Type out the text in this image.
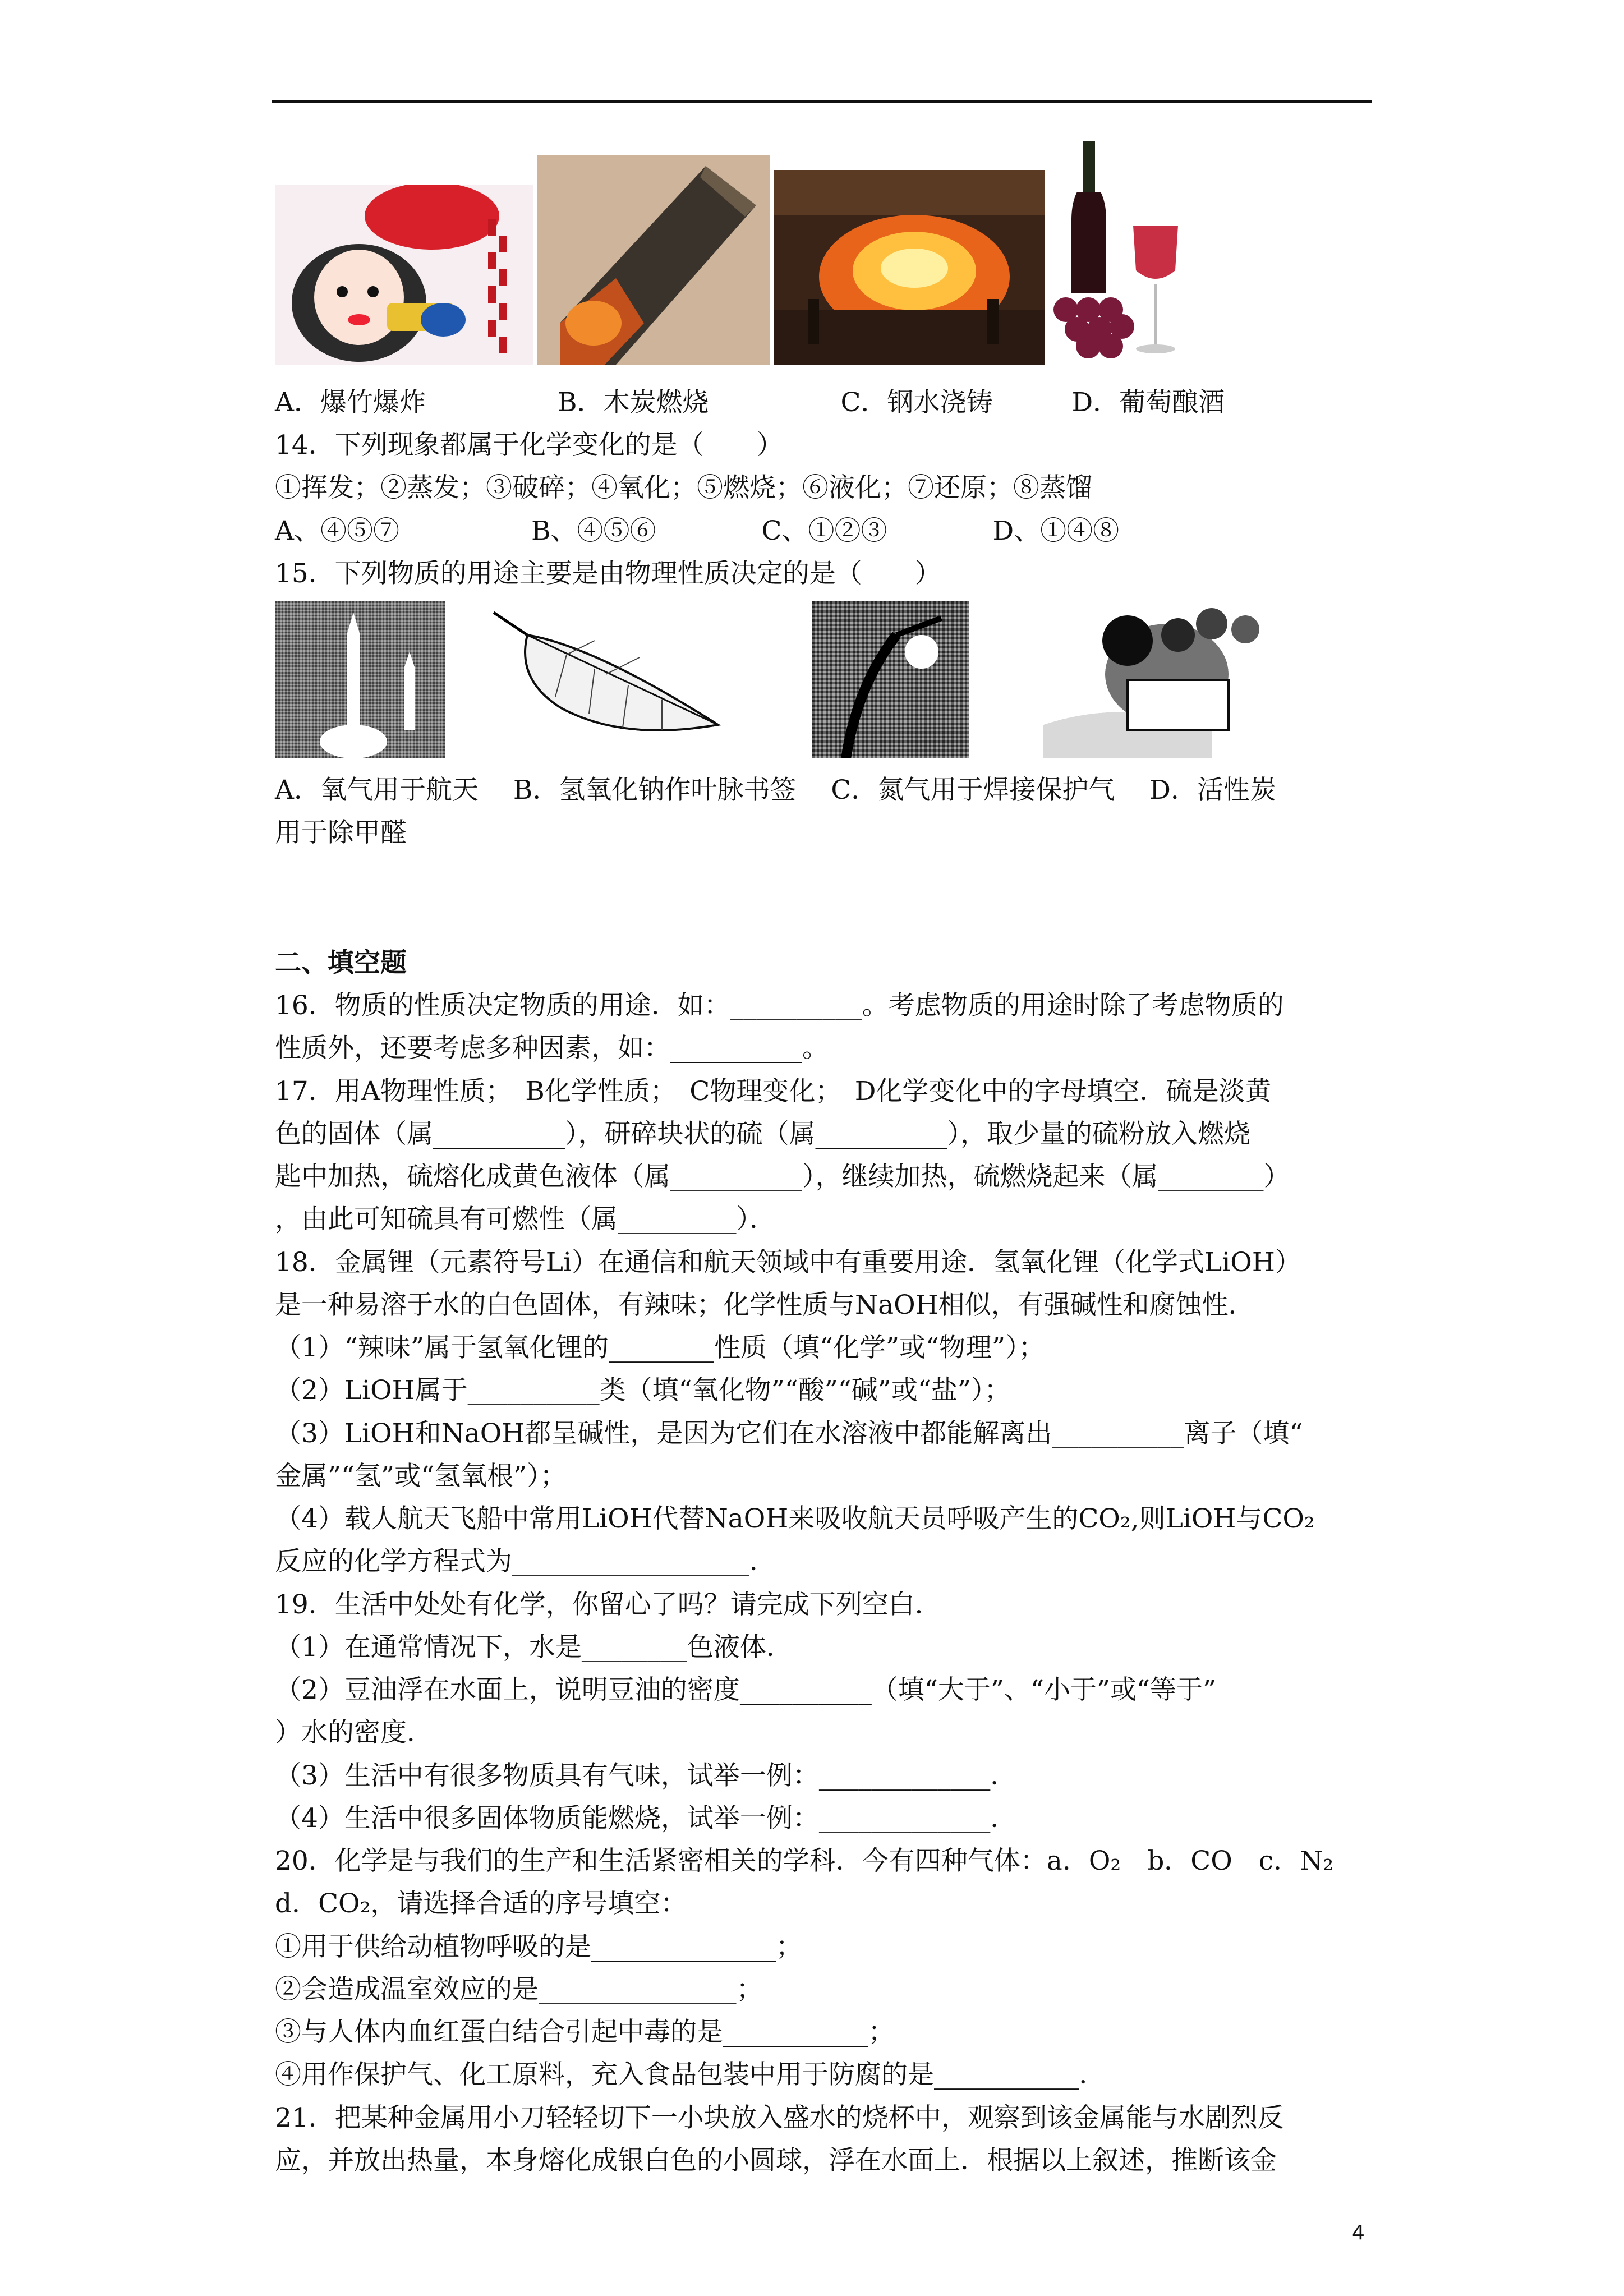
A．爆竹爆炸　　　　　B．木炭燃烧　　　　　C．钢水浇铸　　　D．葡萄酿酒
14．下列现象都属于化学变化的是（　　）
①挥发；②蒸发；③破碎；④氧化；⑤燃烧；⑥液化；⑦还原；⑧蒸馏
A、④⑤⑦　　　　　B、④⑤⑥　　　　C、①②③　　　　D、①④⑧
15．下列物质的用途主要是由物理性质决定的是（　　）
A．氧气用于航天　 B．氢氧化钠作叶脉书签　 C．氮气用于焊接保护气　 D．活性炭
用于除甲醛
二、填空题
16．物质的性质决定物质的用途．如：__________。考虑物质的用途时除了考虑物质的
性质外，还要考虑多种因素，如：__________。
17．用A物理性质；　B化学性质；　C物理变化；　D化学变化中的字母填空．硫是淡黄
色的固体（属__________），研碎块状的硫（属__________），取少量的硫粉放入燃烧
匙中加热，硫熔化成黄色液体（属__________），继续加热，硫燃烧起来（属________）
，由此可知硫具有可燃性（属_________）．
18．金属锂（元素符号Li）在通信和航天领域中有重要用途．氢氧化锂（化学式LiOH）
是一种易溶于水的白色固体，有辣味；化学性质与NaOH相似，有强碱性和腐蚀性．
（1）“辣味”属于氢氧化锂的________性质（填“化学”或“物理”）；
（2）LiOH属于__________类（填“氧化物”“酸”“碱”或“盐”）；
（3）LiOH和NaOH都呈碱性，是因为它们在水溶液中都能解离出__________离子（填“
金属”“氢”或“氢氧根”）；
（4）载人航天飞船中常用LiOH代替NaOH来吸收航天员呼吸产生的CO₂,则LiOH与CO₂
反应的化学方程式为__________________．
19．生活中处处有化学，你留心了吗？请完成下列空白．
（1）在通常情况下，水是________色液体．
（2）豆油浮在水面上，说明豆油的密度__________（填“大于”、“小于”或“等于”
）水的密度．
（3）生活中有很多物质具有气味，试举一例：_____________．
（4）生活中很多固体物质能燃烧，试举一例：_____________．
20．化学是与我们的生产和生活紧密相关的学科．今有四种气体：a．O₂　b．CO　c．N₂
d．CO₂，请选择合适的序号填空：
①用于供给动植物呼吸的是______________；
②会造成温室效应的是_______________；
③与人体内血红蛋白结合引起中毒的是___________；
④用作保护气、化工原料，充入食品包装中用于防腐的是___________．
21．把某种金属用小刀轻轻切下一小块放入盛水的烧杯中，观察到该金属能与水剧烈反
应，并放出热量，本身熔化成银白色的小圆球，浮在水面上．根据以上叙述，推断该金
4
